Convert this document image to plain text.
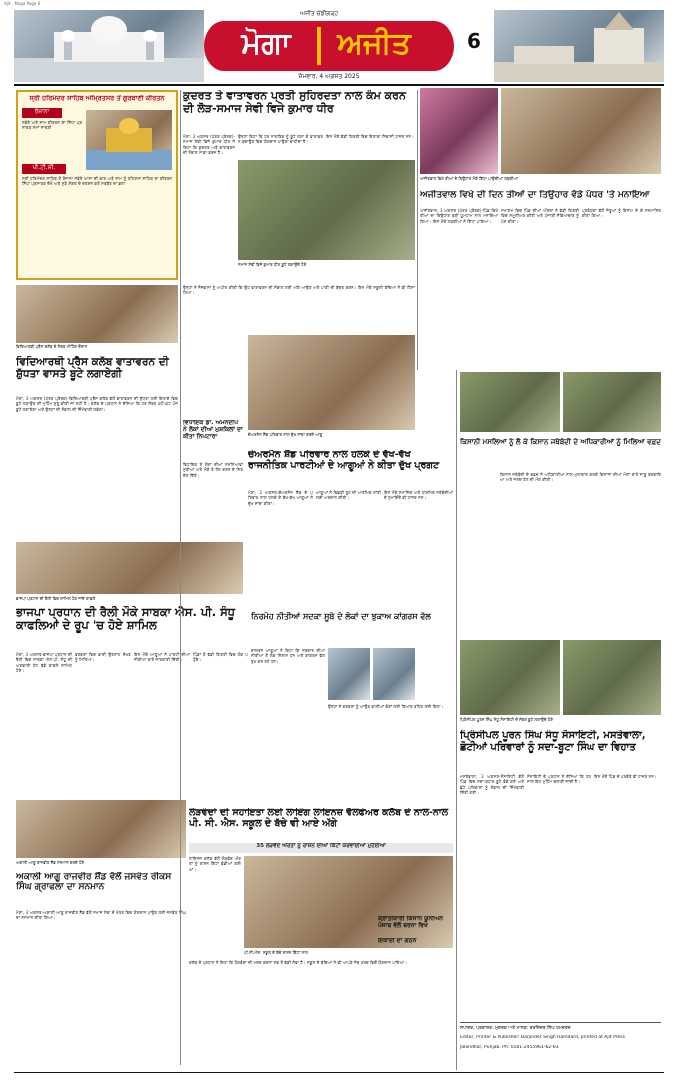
Ajit - Moga Page 6
ਅਜੀਤ ਚੰਡੀਗੜ੍ਹ
ਮੋਗਾ	ਅਜੀਤ	6
ਸੋਮਵਾਰ, 4 ਅਗਸਤ 2025
ਸ੍ਰੀ ਹਰਿਮੰਦਰ ਸਾਹਿਬ ਅੰਮ੍ਰਿਤਸਰ ਤੋਂ ਗੁਰਬਾਣੀ ਕੀਰਤਨ
ਰੋਜ਼ਾਨਾ
ਸਵੇਰੇ ਅਤੇ ਸ਼ਾਮ ਕੀਰਤਨ ਦਾ ਸਿੱਧਾ ਪ੍ਰਸਾਰਣ ਸਮਾਂ ਸਾਰਣੀ
ਪੀ.ਟੀ.ਸੀ.
ਸ੍ਰੀ ਹਰਿਮੰਦਰ ਸਾਹਿਬ ਤੋਂ ਰੋਜ਼ਾਨਾ ਸਵੇਰੇ ਆਸਾ ਦੀ ਵਾਰ ਅਤੇ ਸ਼ਾਮ ਨੂੰ ਰਹਿਰਾਸ ਸਾਹਿਬ ਦਾ ਕੀਰਤਨ ਸਿੱਧਾ ਪ੍ਰਸਾਰਣ ਦੇਖੋ ਅਤੇ ਸੁਣੋ ਸੰਗਤ ਦੇ ਦਰਸ਼ਨ ਕਰੋ ਸਰਬੱਤ ਦਾ ਭਲਾ
ਵਿਦਿਆਰਥੀ ਪ੍ਰੈਸ ਕਲੱਬ ਦੇ ਮੈਂਬਰ ਮੀਟਿੰਗ ਦੌਰਾਨ
ਵਿਦਿਆਰਥੀ ਪ੍ਰੈਸ ਕਲੱਬ ਵਾਤਾਵਰਨ ਦੀ ਸ਼ੁੱਧਤਾ ਵਾਸਤੇ ਬੂਟੇ ਲਗਾਏਗੀ
ਮੋਗਾ, 3 ਅਗਸਤ (ਪੱਤਰ ਪ੍ਰੇਰਕ)-ਵਿਦਿਆਰਥੀ ਪ੍ਰੈਸ ਕਲੱਬ ਵੱਲੋਂ ਵਾਤਾਵਰਨ ਦੀ ਸ਼ੁੱਧਤਾ ਲਈ ਇਲਾਕੇ ਵਿਚ ਬੂਟੇ ਲਗਾਉਣ ਦੀ ਮੁਹਿੰਮ ਸ਼ੁਰੂ ਕੀਤੀ ਜਾ ਰਹੀ ਹੈ। ਕਲੱਬ ਦੇ ਪ੍ਰਧਾਨ ਨੇ ਦੱਸਿਆ ਕਿ ਹਰ ਮੈਂਬਰ ਘੱਟੋ-ਘੱਟ ਪੰਜ ਬੂਟੇ ਲਗਾਏਗਾ ਅਤੇ ਉਨ੍ਹਾਂ ਦੀ ਸੰਭਾਲ ਦੀ ਜ਼ਿੰਮੇਵਾਰੀ ਲਵੇਗਾ।
ਵਿਧਾਇਕ ਡਾ. ਅਮਨਦੀਪ ਨੇ ਲੋਕਾਂ ਦੀਆਂ ਮੁਸ਼ਕਿਲਾਂ ਦਾ ਕੀਤਾ ਨਿਪਟਾਰਾ
ਵਿਧਾਇਕ ਨੇ ਲੋਕਾਂ ਦੀਆਂ ਸਮੱਸਿਆਵਾਂ ਸੁਣੀਆਂ ਅਤੇ ਮੌਕੇ ਤੇ ਹੱਲ ਕਰਨ ਦੇ ਨਿਰਦੇਸ਼ ਦਿੱਤੇ।
ਕੁਦਰਤ ਤੇ ਵਾਤਾਵਰਨ ਪ੍ਰਤੀ ਸੁਹਿਰਦਤਾ ਨਾਲ ਕੰਮ ਕਰਨ ਦੀ ਲੋੜ-ਸਮਾਜ ਸੇਵੀ ਵਿਜੇ ਕੁਮਾਰ ਧੀਰ
ਮੋਗਾ, 3 ਅਗਸਤ (ਪੱਤਰ ਪ੍ਰੇਰਕ)-ਸਮਾਜ ਸੇਵੀ ਵਿਜੇ ਕੁਮਾਰ ਧੀਰ ਨੇ ਕਿਹਾ ਕਿ ਕੁਦਰਤ ਅਤੇ ਵਾਤਾਵਰਨ ਦੀ ਸੰਭਾਲ ਸਾਡਾ ਫ਼ਰਜ਼ ਹੈ।
ਸਮਾਜ ਸੇਵੀ ਵਿਜੇ ਕੁਮਾਰ ਧੀਰ ਬੂਟੇ ਲਗਾਉਂਦੇ ਹੋਏ
ਉਨ੍ਹਾਂ ਕਿਹਾ ਕਿ ਹਰ ਨਾਗਰਿਕ ਨੂੰ ਬੂਟੇ ਲਗਾ ਕੇ ਵਾਤਾਵਰਨ ਬਚਾਉਣ ਵਿਚ ਯੋਗਦਾਨ ਪਾਉਣਾ ਚਾਹੀਦਾ ਹੈ।
ਇਸ ਮੌਕੇ ਵੱਡੀ ਗਿਣਤੀ ਵਿਚ ਇਲਾਕਾ ਨਿਵਾਸੀ ਹਾਜ਼ਰ ਸਨ।
ਉਨ੍ਹਾਂ ਨੇ ਨੌਜਵਾਨਾਂ ਨੂੰ ਅਪੀਲ ਕੀਤੀ ਕਿ ਉਹ ਵਾਤਾਵਰਨ ਦੀ ਸੰਭਾਲ ਲਈ ਅੱਗੇ ਆਉਣ ਅਤੇ ਪਾਣੀ ਦੀ ਬੱਚਤ ਕਰਨ। ਇਸ ਮੌਕੇ ਸਕੂਲੀ ਬੱਚਿਆਂ ਨੇ ਵੀ ਹਿੱਸਾ ਲਿਆ।
ਚੇਅਰਮੈਨ ਸ਼ੈਂਡ ਪਰਿਵਾਰ ਨਾਲ ਦੁੱਖ ਸਾਂਝਾ ਕਰਦੇ ਆਗੂ
ਅਜੀਤਵਾਲ ਵਿਖੇ ਤੀਆਂ ਦੇ ਤਿਉਹਾਰ ਮੌਕੇ ਗਿੱਧਾ ਪਾਉਂਦੀਆਂ ਲੜਕੀਆਂ
ਅਜੀਤਵਾਲ ਵਿਖੇ ਦੀ ਦਿਨ ਤੀਆਂ ਦਾ ਤਿਉਹਾਰ ਵੱਡੇ ਪੱਧਰ 'ਤੇ ਮਨਾਇਆ
ਅਜੀਤਵਾਲ, 3 ਅਗਸਤ (ਪੱਤਰ ਪ੍ਰੇਰਕ)-ਪਿੰਡ ਵਿਖੇ ਤੀਆਂ ਦਾ ਤਿਉਹਾਰ ਬੜੀ ਧੂਮਧਾਮ ਨਾਲ ਮਨਾਇਆ ਗਿਆ। ਇਸ ਮੌਕੇ ਲੜਕੀਆਂ ਨੇ ਗਿੱਧਾ ਪਾਇਆ।
ਸਮਾਗਮ ਵਿਚ ਪਿੰਡ ਦੀਆਂ ਔਰਤਾਂ ਨੇ ਵੱਡੀ ਗਿਣਤੀ ਵਿਚ ਸ਼ਮੂਲੀਅਤ ਕੀਤੀ ਅਤੇ ਪੰਜਾਬੀ ਸੱਭਿਆਚਾਰ ਨੂੰ ਪੇਸ਼ ਕੀਤਾ।
ਪ੍ਰਬੰਧਕਾਂ ਵੱਲੋਂ ਜੇਤੂਆਂ ਨੂੰ ਇਨਾਮ ਦੇ ਕੇ ਸਨਮਾਨਿਤ ਕੀਤਾ ਗਿਆ।
ਕਿਸਾਨੀ ਮਸਲਿਆਂ ਨੂੰ ਲੈ ਕੇ ਕਿਸਾਨ ਜਥੇਬੰਦੀ ਦੇ ਅਧਿਕਾਰੀਆਂ ਨੂੰ ਮਿਲਿਆ ਵਫ਼ਦ
ਕਿਸਾਨ ਜਥੇਬੰਦੀ ਦੇ ਵਫ਼ਦ ਨੇ ਅਧਿਕਾਰੀਆਂ ਨਾਲ ਮੁਲਾਕਾਤ ਕਰਕੇ ਕਿਸਾਨਾਂ ਦੀਆਂ ਮੰਗਾਂ ਬਾਰੇ ਜਾਣੂ ਕਰਵਾਇਆ ਅਤੇ ਜਲਦ ਹੱਲ ਦੀ ਮੰਗ ਕੀਤੀ।
ਚੇਅਰਮੈਨ ਸ਼ੈਂਡ ਪਰਿਵਾਰ ਨਾਲ ਹਲਕੇ ਦੇ ਵੱਖ-ਵੱਖ ਰਾਜਨੀਤਿਕ ਪਾਰਟੀਆਂ ਦੇ ਆਗੂਆਂ ਨੇ ਕੀਤਾ ਦੁੱਖ ਪ੍ਰਗਟ
ਮੋਗਾ, 3 ਅਗਸਤ-ਚੇਅਰਮੈਨ ਸ਼ੈਂਡ ਦੇ ਪਰਿਵਾਰ ਨਾਲ ਹਲਕੇ ਦੇ ਵੱਖ-ਵੱਖ ਆਗੂਆਂ ਨੇ ਦੁੱਖ ਸਾਂਝਾ ਕੀਤਾ।
ਆਗੂਆਂ ਨੇ ਵਿਛੜੀ ਰੂਹ ਦੀ ਆਤਮਿਕ ਸ਼ਾਂਤੀ ਲਈ ਅਰਦਾਸ ਕੀਤੀ।
ਇਸ ਮੌਕੇ ਸਮਾਜਿਕ ਅਤੇ ਧਾਰਮਿਕ ਜਥੇਬੰਦੀਆਂ ਦੇ ਨੁਮਾਇੰਦੇ ਵੀ ਹਾਜ਼ਰ ਸਨ।
ਭਾਜਪਾ ਪ੍ਰਧਾਨ ਦੀ ਰੈਲੀ ਵਿਚ ਸ਼ਾਮਿਲ ਹੋਣ ਜਾਂਦੇ ਕਾਫਲੇ
ਭਾਜਪਾ ਪ੍ਰਧਾਨ ਦੀ ਰੈਲੀ ਮੌਕੇ ਸਾਬਕਾ ਐਸ. ਪੀ. ਸੰਧੂ ਕਾਫਲਿਆਂ ਦੇ ਰੂਪ 'ਚ ਹੋਏ ਸ਼ਾਮਿਲ
ਮੋਗਾ, 3 ਅਗਸਤ-ਭਾਜਪਾ ਪ੍ਰਧਾਨ ਦੀ ਰੈਲੀ ਵਿਚ ਸਾਬਕਾ ਐਸ.ਪੀ. ਸੰਧੂ ਦੀ ਅਗਵਾਈ ਹੇਠ ਵੱਡੇ ਕਾਫਲੇ ਸ਼ਾਮਿਲ ਹੋਏ।
ਵਰਕਰਾਂ ਵਿਚ ਭਾਰੀ ਉਤਸ਼ਾਹ ਦੇਖਣ ਨੂੰ ਮਿਲਿਆ।
ਇਸ ਮੌਕੇ ਆਗੂਆਂ ਨੇ ਪਾਰਟੀ ਦੀਆਂ ਨੀਤੀਆਂ ਬਾਰੇ ਜਾਣਕਾਰੀ ਦਿੱਤੀ।
ਪਿੰਡਾਂ ਤੋਂ ਵੱਡੀ ਗਿਣਤੀ ਵਿਚ ਲੋਕ ਪਹੁੰਚੇ।
ਨਿਰਮੋਹ ਨੀਤੀਆਂ ਸਦਕਾ ਸੂਬੇ ਦੇ ਲੋਕਾਂ ਦਾ ਝੁਕਾਅ ਕਾਂਗਰਸ ਵੱਲ
ਕਾਂਗਰਸ ਆਗੂਆਂ ਨੇ ਕਿਹਾ ਕਿ ਸਰਕਾਰ ਦੀਆਂ ਨੀਤੀਆਂ ਤੋਂ ਲੋਕ ਨਿਰਾਸ਼ ਹਨ ਅਤੇ ਕਾਂਗਰਸ ਵੱਲ ਰੁਖ ਕਰ ਰਹੇ ਹਨ।
ਉਨ੍ਹਾਂ ਨੇ ਵਰਕਰਾਂ ਨੂੰ ਆਉਣ ਵਾਲੀਆਂ ਚੋਣਾਂ ਲਈ ਤਿਆਰ ਰਹਿਣ ਲਈ ਕਿਹਾ।
ਪ੍ਰਿੰਸੀਪਲ ਪੂਰਨ ਸਿੰਘ ਸੰਧੂ ਸੋਸਾਇਟੀ ਦੇ ਮੈਂਬਰ ਬੂਟੇ ਲਗਾਉਂਦੇ ਹੋਏ
ਪ੍ਰਿੰਸੀਪਲ ਪੂਰਨ ਸਿੰਘ ਸੰਧੂ ਸੋਸਾਇਟੀ, ਮਸਤੇਵਾਲਾ, ਛੋਟੀਆਂ ਪਰਿਵਾਰਾਂ ਨੂੰ ਸਦਾ-ਬੂਟਾ ਸਿੰਘ ਦਾ ਵਿਹਾਤ
ਮਸਤੇਵਾਲਾ, 3 ਅਗਸਤ-ਸੋਸਾਇਟੀ ਵੱਲੋਂ ਪਿੰਡ ਵਿਚ ਸਦਾ-ਬਹਾਰ ਬੂਟੇ ਵੰਡੇ ਗਏ ਅਤੇ ਛੋਟੇ ਪਰਿਵਾਰਾਂ ਨੂੰ ਸੰਭਾਲ ਦੀ ਜ਼ਿੰਮੇਵਾਰੀ ਦਿੱਤੀ ਗਈ।
ਸੋਸਾਇਟੀ ਦੇ ਪ੍ਰਧਾਨ ਨੇ ਦੱਸਿਆ ਕਿ ਹਰ ਸਾਲ ਇਹ ਮੁਹਿੰਮ ਚਲਾਈ ਜਾਂਦੀ ਹੈ।
ਇਸ ਮੌਕੇ ਪਿੰਡ ਦੇ ਪਤਵੰਤੇ ਵੀ ਹਾਜ਼ਰ ਸਨ।
ਅਕਾਲੀ ਆਗੂ ਰਾਜਵੀਰ ਸ਼ੈਂਡ ਸਨਮਾਨ ਕਰਦੇ ਹੋਏ
ਅਕਾਲੀ ਆਗੂ ਰਾਜਵੀਰ ਸ਼ੈਂਡ ਵੱਲੋਂ ਜਸਵੰਤ ਰੀਕਸ ਸਿੰਘ ਗ੍ਰਾਫਲਾ ਦਾ ਸਨਮਾਨ
ਮੋਗਾ, 3 ਅਗਸਤ-ਅਕਾਲੀ ਆਗੂ ਰਾਜਵੀਰ ਸ਼ੈਂਡ ਵੱਲੋਂ ਸਮਾਜ ਸੇਵਾ ਦੇ ਖੇਤਰ ਵਿਚ ਯੋਗਦਾਨ ਪਾਉਣ ਲਈ ਜਸਵੰਤ ਸਿੰਘ ਦਾ ਸਨਮਾਨ ਕੀਤਾ ਗਿਆ।
ਲੋੜਵੰਦਾਂ ਦੀ ਸਹਾਇਤਾ ਲਈ ਲਾਇੰਗ ਲਾਇਨਜ਼ ਵੈਲਫੇਅਰ ਕਲੱਬ ਦੇ ਨਾਲ-ਨਾਲ ਪੀ. ਸੀ. ਐਸ. ਸਕੂਲ ਦੇ ਬੱਚੇ ਵੀ ਆਏ ਅੱਗੇ
35 ਲੋੜਵੰਦ ਔਰਤਾਂ ਨੂੰ ਰਾਸ਼ਨ ਦੀਆਂ ਕਿੱਟਾਂ ਕਰਵਾਈਆਂ ਮੁਹੱਈਆ
ਲਾਇਨਜ਼ ਕਲੱਬ ਵੱਲੋਂ ਲੋੜਵੰਦ ਔਰਤਾਂ ਨੂੰ ਰਾਸ਼ਨ ਕਿੱਟਾਂ ਵੰਡੀਆਂ ਗਈਆਂ।
ਪੀ.ਸੀ.ਐਸ. ਸਕੂਲ ਦੇ ਬੱਚੇ ਰਾਸ਼ਨ ਕਿੱਟਾਂ ਨਾਲ
ਕਲੱਬ ਦੇ ਪ੍ਰਧਾਨ ਨੇ ਕਿਹਾ ਕਿ ਲੋੜਵੰਦਾਂ ਦੀ ਮਦਦ ਕਰਨਾ ਸਭ ਤੋਂ ਵੱਡੀ ਸੇਵਾ ਹੈ। ਸਕੂਲ ਦੇ ਬੱਚਿਆਂ ਨੇ ਵੀ ਆਪਣੇ ਜੇਬ ਖਰਚ ਵਿਚੋਂ ਯੋਗਦਾਨ ਪਾਇਆ।
ਕ੍ਰਾਂਤੀਕਾਰੀ ਕਿਸਾਨ ਯੂਨੀਅਨ ਪੰਜਾਬ ਵੱਲੋਂ ਬਰਨਾ ਵਿਖੇ
ਇਕਾਈ ਦਾ ਗਠਨ
ਸੰਪਾਦਕ, ਪ੍ਰਕਾਸ਼ਕ, ਮੁਦਰਕ ਅਤੇ ਮਾਲਕ: ਬਰਜਿੰਦਰ ਸਿੰਘ ਹਮਦਰਦ
Editor, Printer & Publisher: Barjinder Singh Hamdard, printed at Ajit Press
Jalandhar, Punjab. Ph: 0181-2455961-62-63
